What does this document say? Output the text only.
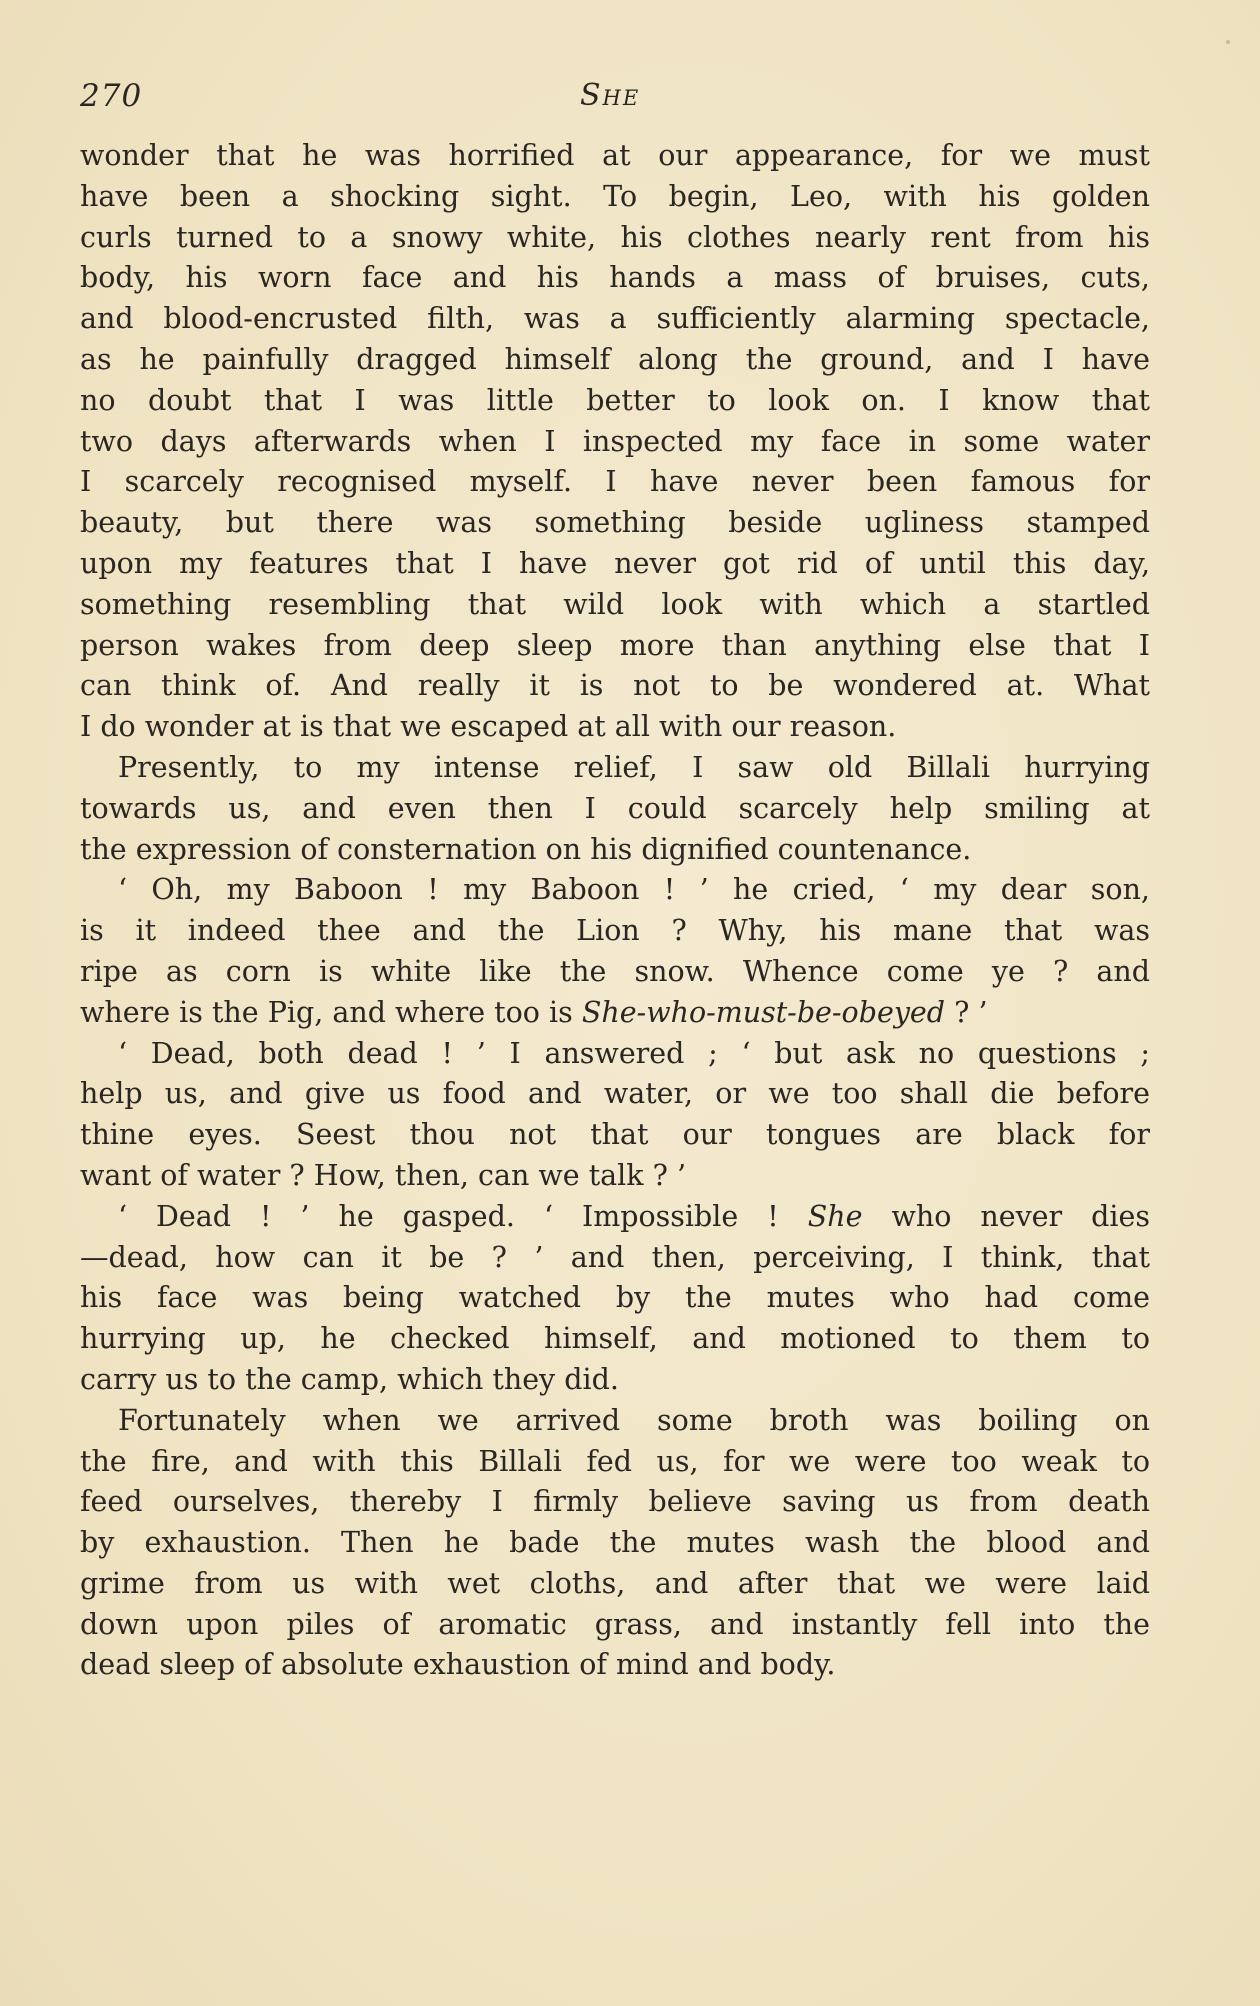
270	She
wonder that he was horrified at our appearance, for we must
have been a shocking sight. To begin, Leo, with his golden
curls turned to a snowy white, his clothes nearly rent from his
body, his worn face and his hands a mass of bruises, cuts,
and blood-encrusted filth, was a sufficiently alarming spectacle,
as he painfully dragged himself along the ground, and I have
no doubt that I was little better to look on. I know that
two days afterwards when I inspected my face in some water
I scarcely recognised myself. I have never been famous for
beauty, but there was something beside ugliness stamped
upon my features that I have never got rid of until this day,
something resembling that wild look with which a startled
person wakes from deep sleep more than anything else that I
can think of. And really it is not to be wondered at. What
I do wonder at is that we escaped at all with our reason.
Presently, to my intense relief, I saw old Billali hurrying
towards us, and even then I could scarcely help smiling at
the expression of consternation on his dignified countenance.
‘ Oh, my Baboon ! my Baboon ! ’ he cried, ‘ my dear son,
is it indeed thee and the Lion ? Why, his mane that was
ripe as corn is white like the snow. Whence come ye ? and
where is the Pig, and where too is She-who-must-be-obeyed ? ’
‘ Dead, both dead ! ’ I answered ; ‘ but ask no questions ;
help us, and give us food and water, or we too shall die before
thine eyes. Seest thou not that our tongues are black for
want of water ? How, then, can we talk ? ’
‘ Dead ! ’ he gasped. ‘ Impossible ! She who never dies
—dead, how can it be ? ’ and then, perceiving, I think, that
his face was being watched by the mutes who had come
hurrying up, he checked himself, and motioned to them to
carry us to the camp, which they did.
Fortunately when we arrived some broth was boiling on
the fire, and with this Billali fed us, for we were too weak to
feed ourselves, thereby I firmly believe saving us from death
by exhaustion. Then he bade the mutes wash the blood and
grime from us with wet cloths, and after that we were laid
down upon piles of aromatic grass, and instantly fell into the
dead sleep of absolute exhaustion of mind and body.
